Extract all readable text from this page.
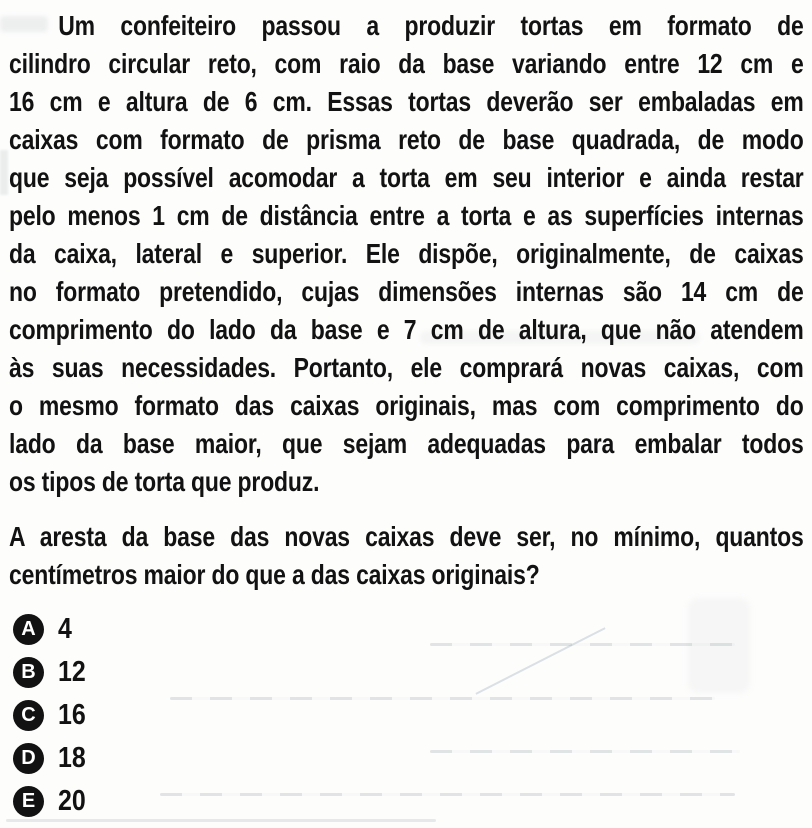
Um confeiteiro passou a produzir tortas em formato de
cilindro circular reto, com raio da base variando entre 12 cm e
16 cm e altura de 6 cm. Essas tortas deverão ser embaladas em
caixas com formato de prisma reto de base quadrada, de modo
que seja possível acomodar a torta em seu interior e ainda restar
pelo menos 1 cm de distância entre a torta e as superfícies internas
da caixa, lateral e superior. Ele dispõe, originalmente, de caixas
no formato pretendido, cujas dimensões internas são 14 cm de
comprimento do lado da base e 7 cm de altura, que não atendem
às suas necessidades. Portanto, ele comprará novas caixas, com
o mesmo formato das caixas originais, mas com comprimento do
lado da base maior, que sejam adequadas para embalar todos
os tipos de torta que produz.
A aresta da base das novas caixas deve ser, no mínimo, quantos
centímetros maior do que a das caixas originais?
A 4
B 12
C 16
D 18
E 20
